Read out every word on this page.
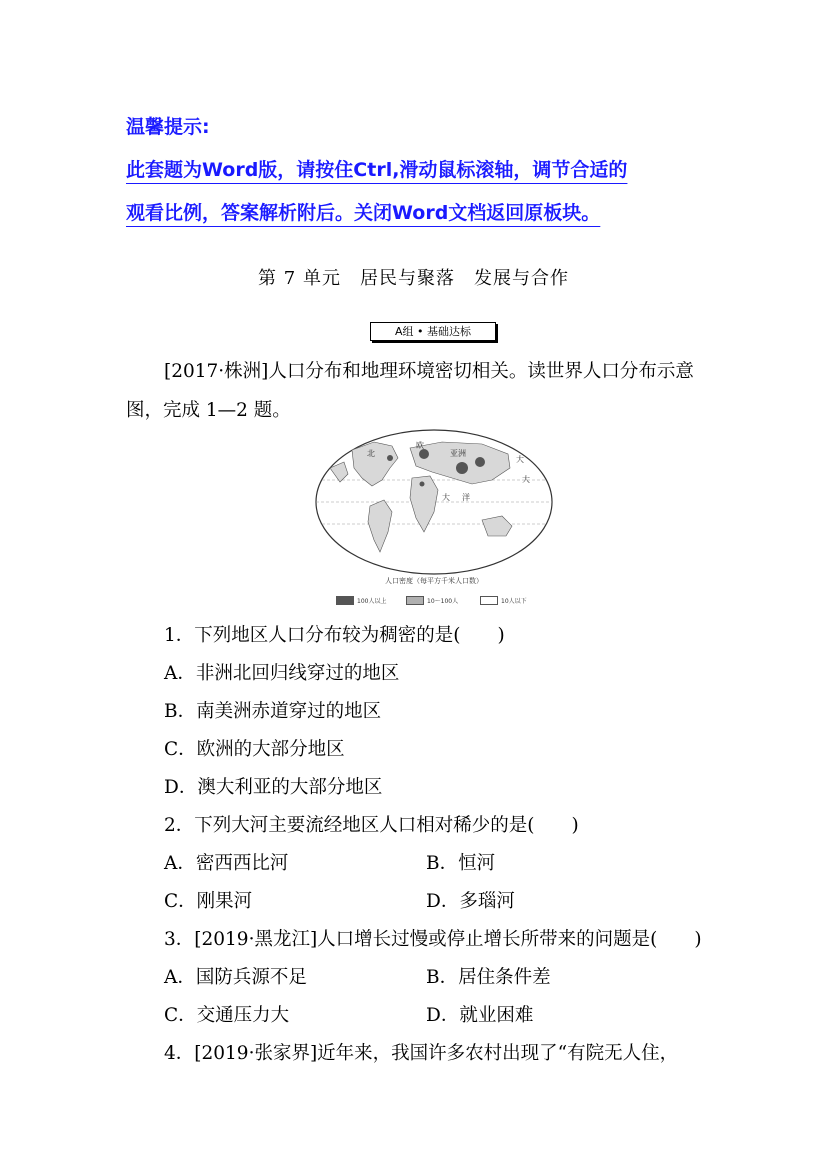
温馨提示:
此套题为Word版，请按住Ctrl,滑动鼠标滚轴，调节合适的
观看比例，答案解析附后。关闭Word文档返回原板块。
第 7 单元　居民与聚落　发展与合作
A组 • 基础达标
[2017·株洲]人口分布和地理环境密切相关。读世界人口分布示意
图，完成 1—2 题。
北
大
大
大 洋
亚 洲
欧
人口密度（每平方千米人口数）
100人以上	10～100人	10人以下
1．下列地区人口分布较为稠密的是(　　)
A．非洲北回归线穿过的地区
B．南美洲赤道穿过的地区
C．欧洲的大部分地区
D．澳大利亚的大部分地区
2．下列大河主要流经地区人口相对稀少的是(　　)
A．密西西比河	B．恒河
C．刚果河	D．多瑙河
3．[2019·黑龙江]人口增长过慢或停止增长所带来的问题是(　　)
A．国防兵源不足	B．居住条件差
C．交通压力大	D．就业困难
4．[2019·张家界]近年来，我国许多农村出现了“有院无人住，
